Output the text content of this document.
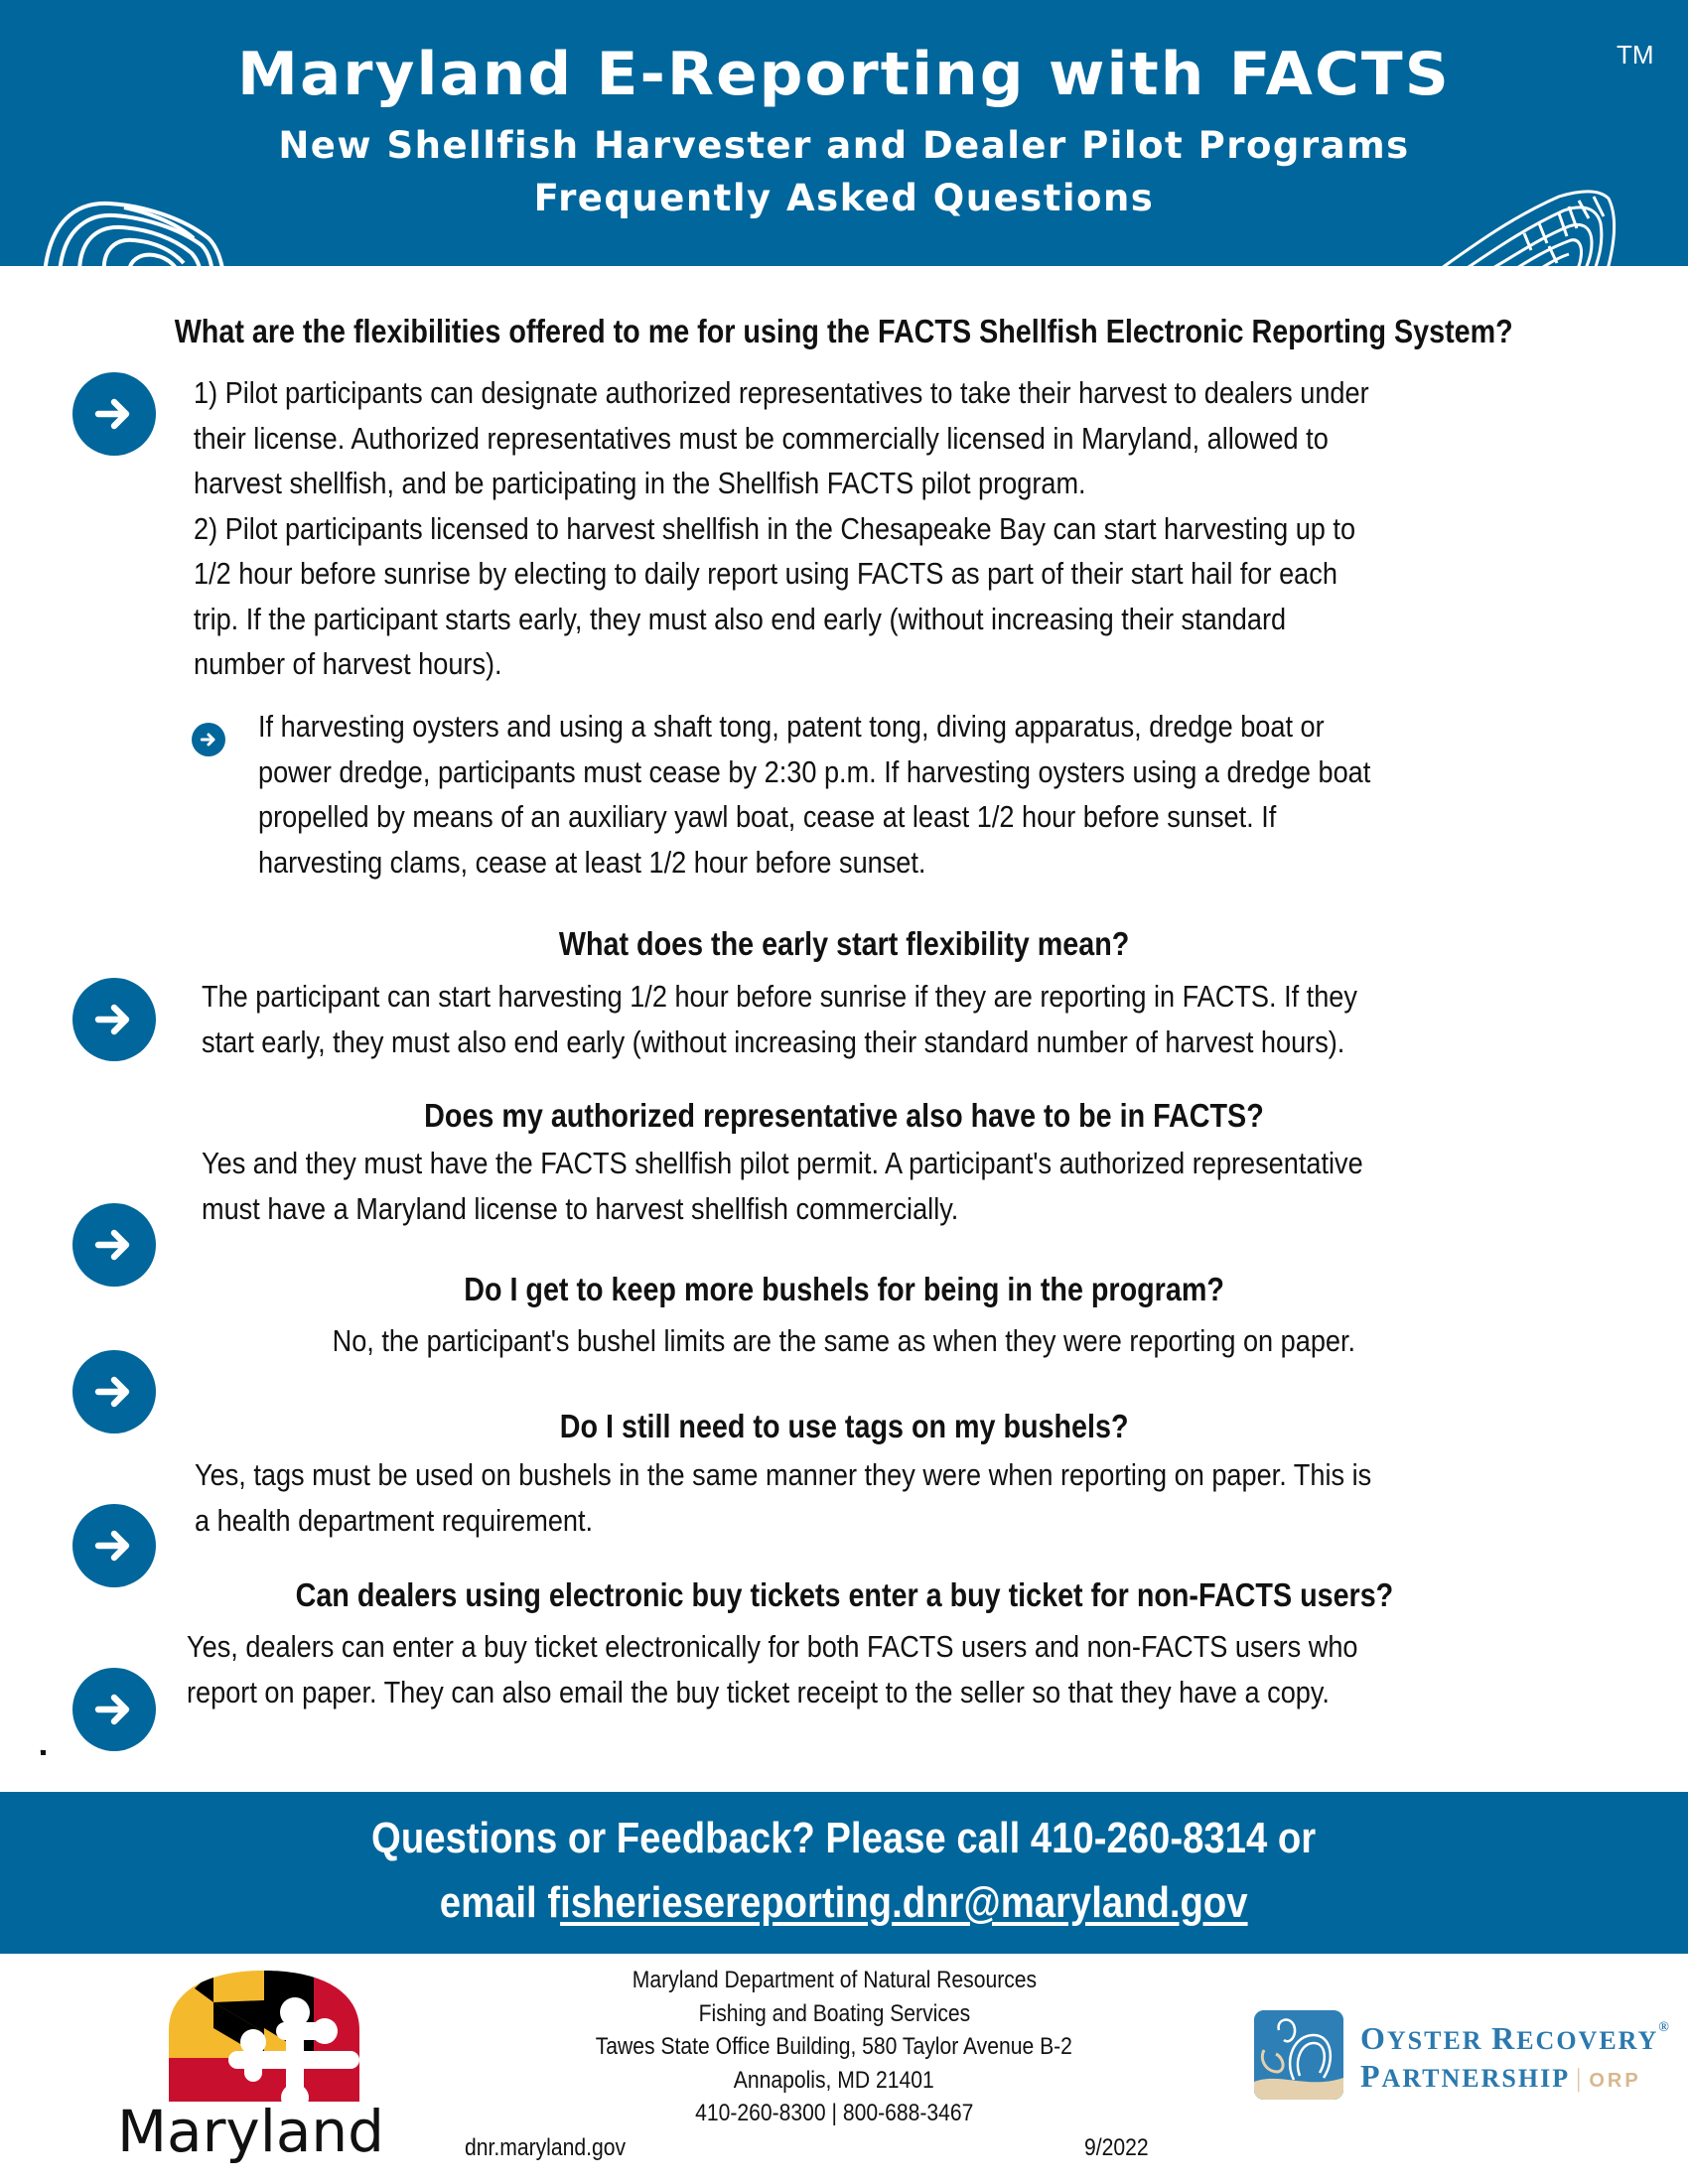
Maryland E-Reporting with FACTS	TM
New Shellfish Harvester and Dealer Pilot Programs
Frequently Asked Questions
What are the flexibilities offered to me for using the FACTS Shellfish Electronic Reporting System?
1) Pilot participants can designate authorized representatives to take their harvest to dealers under
their license. Authorized representatives must be commercially licensed in Maryland, allowed to
harvest shellfish, and be participating in the Shellfish FACTS pilot program.
2) Pilot participants licensed to harvest shellfish in the Chesapeake Bay can start harvesting up to
1/2 hour before sunrise by electing to daily report using FACTS as part of their start hail for each
trip. If the participant starts early, they must also end early (without increasing their standard
number of harvest hours).
If harvesting oysters and using a shaft tong, patent tong, diving apparatus, dredge boat or
power dredge, participants must cease by 2:30 p.m. If harvesting oysters using a dredge boat
propelled by means of an auxiliary yawl boat, cease at least 1/2 hour before sunset. If
harvesting clams, cease at least 1/2 hour before sunset.
What does the early start flexibility mean?
The participant can start harvesting 1/2 hour before sunrise if they are reporting in FACTS. If they
start early, they must also end early (without increasing their standard number of harvest hours).
Does my authorized representative also have to be in FACTS?
Yes and they must have the FACTS shellfish pilot permit. A participant's authorized representative
must have a Maryland license to harvest shellfish commercially.
Do I get to keep more bushels for being in the program?
No, the participant's bushel limits are the same as when they were reporting on paper.
Do I still need to use tags on my bushels?
Yes, tags must be used on bushels in the same manner they were when reporting on paper. This is
a health department requirement.
Can dealers using electronic buy tickets enter a buy ticket for non-FACTS users?
Yes, dealers can enter a buy ticket electronically for both FACTS users and non-FACTS users who
report on paper. They can also email the buy ticket receipt to the seller so that they have a copy.
.
Questions or Feedback? Please call 410-260-8314 or
email fisheriesereporting.dnr@maryland.gov
Maryland
Maryland Department of Natural Resources
Fishing and Boating Services
Tawes State Office Building, 580 Taylor Avenue B-2
Annapolis, MD 21401
410-260-8300 | 800-688-3467
dnr.maryland.gov	9/2022
OYSTER RECOVERY®
PARTNERSHIP | ORP
